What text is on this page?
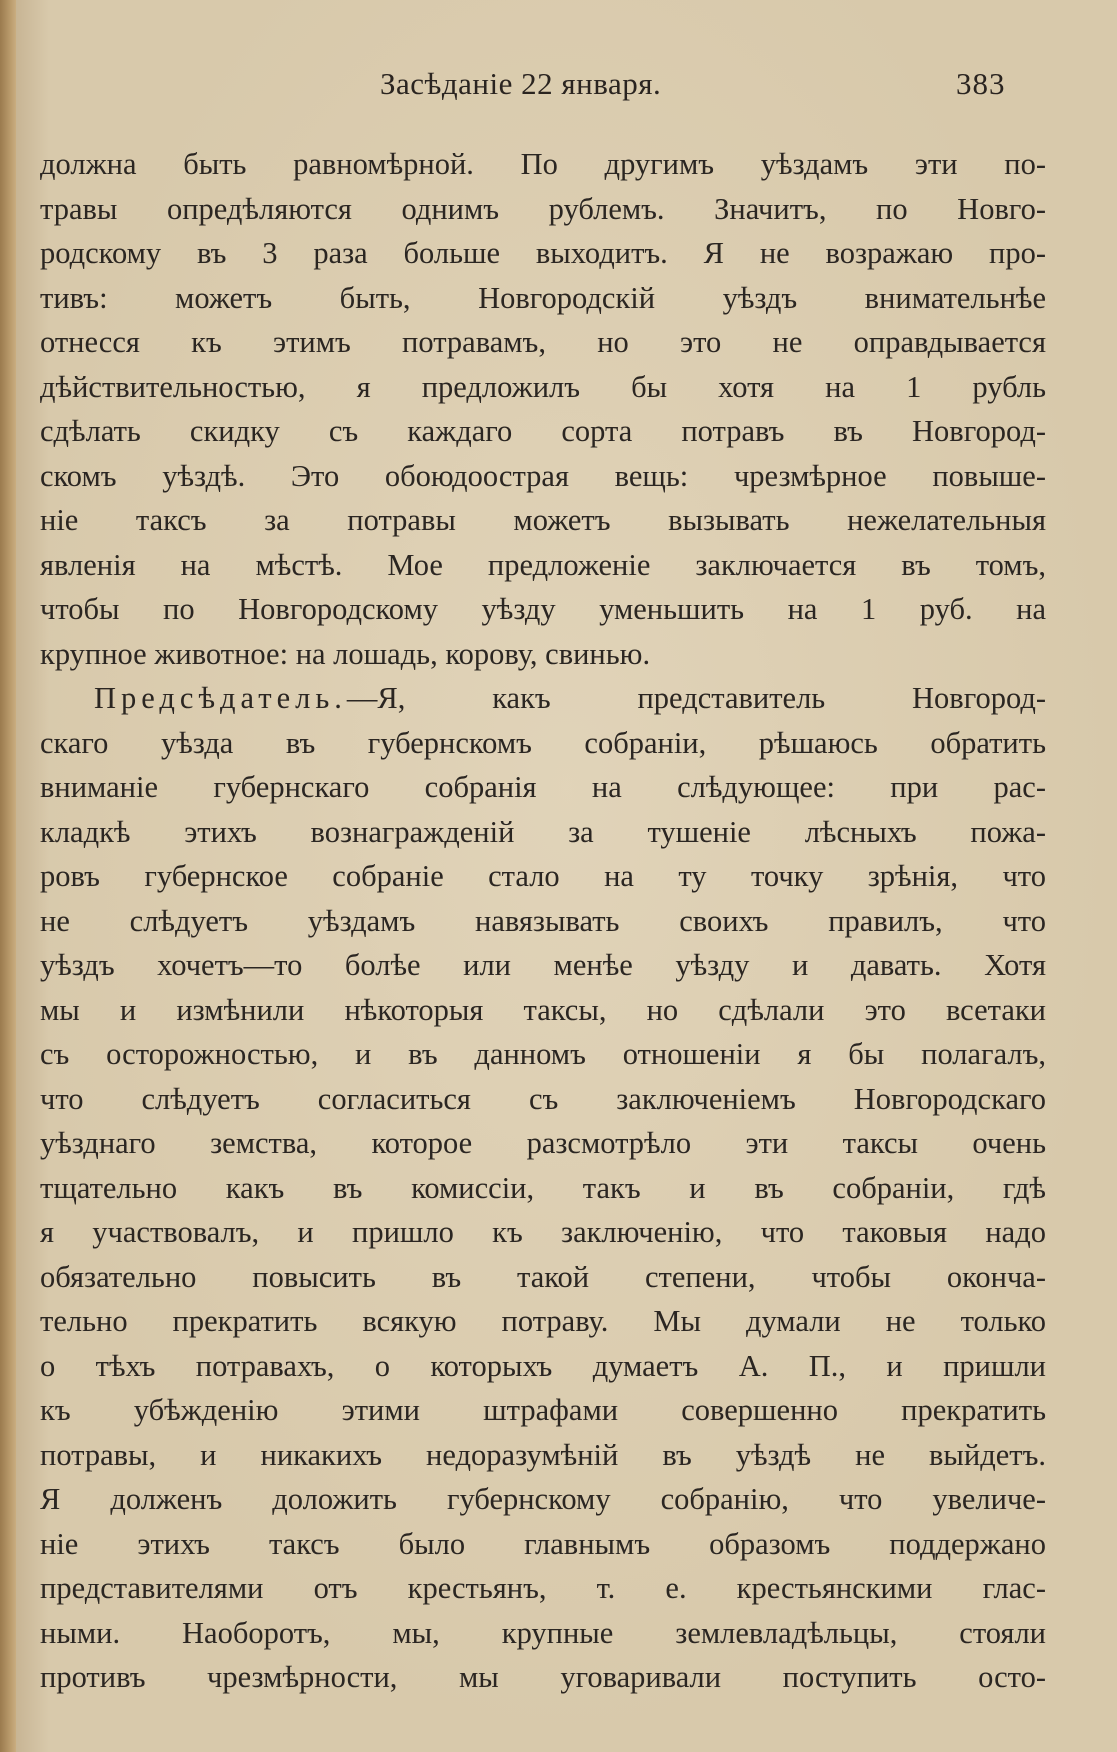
Засѣданіе 22 января.	383
должна быть равномѣрной. По другимъ уѣздамъ эти по-
травы опредѣляются однимъ рублемъ. Значитъ, по Новго-
родскому въ 3 раза больше выходитъ. Я не возражаю про-
тивъ: можетъ быть, Новгородскій уѣздъ внимательнѣе
отнесся къ этимъ потравамъ, но это не оправдывается
дѣйствительностью, я предложилъ бы хотя на 1 рубль
сдѣлать скидку съ каждаго сорта потравъ въ Новгород-
скомъ уѣздѣ. Это обоюдоострая вещь: чрезмѣрное повыше-
ніе таксъ за потравы можетъ вызывать нежелательныя
явленія на мѣстѣ. Мое предложеніе заключается въ томъ,
чтобы по Новгородскому уѣзду уменьшить на 1 руб. на
крупное животное: на лошадь, корову, свинью.
Предсѣдатель.—Я, какъ представитель Новгород-
скаго уѣзда въ губернскомъ собраніи, рѣшаюсь обратить
вниманіе губернскаго собранія на слѣдующее: при рас-
кладкѣ этихъ вознагражденій за тушеніе лѣсныхъ пожа-
ровъ губернское собраніе стало на ту точку зрѣнія, что
не слѣдуетъ уѣздамъ навязывать своихъ правилъ, что
уѣздъ хочетъ—то болѣе или менѣе уѣзду и давать. Хотя
мы и измѣнили нѣкоторыя таксы, но сдѣлали это всетаки
съ осторожностью, и въ данномъ отношеніи я бы полагалъ,
что слѣдуетъ согласиться съ заключеніемъ Новгородскаго
уѣзднаго земства, которое разсмотрѣло эти таксы очень
тщательно какъ въ комиссіи, такъ и въ собраніи, гдѣ
я участвовалъ, и пришло къ заключенію, что таковыя надо
обязательно повысить въ такой степени, чтобы оконча-
тельно прекратить всякую потраву. Мы думали не только
о тѣхъ потравахъ, о которыхъ думаетъ А. П., и пришли
къ убѣжденію этими штрафами совершенно прекратить
потравы, и никакихъ недоразумѣній въ уѣздѣ не выйдетъ.
Я долженъ доложить губернскому собранію, что увеличе-
ніе этихъ таксъ было главнымъ образомъ поддержано
представителями отъ крестьянъ, т. е. крестьянскими глас-
ными. Наоборотъ, мы, крупные землевладѣльцы, стояли
противъ чрезмѣрности, мы уговаривали поступить осто-
